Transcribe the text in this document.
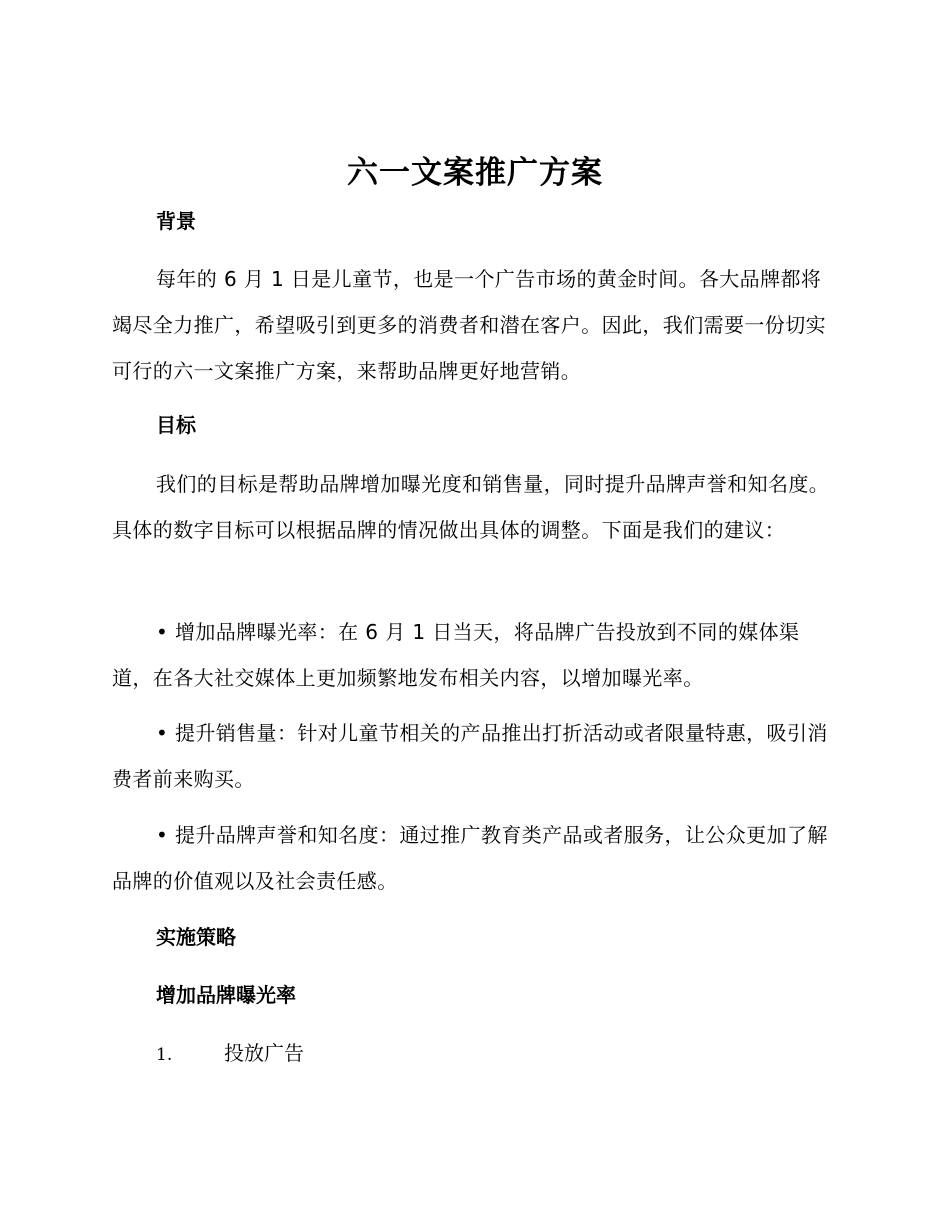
六一文案推广方案
背景

每年的 6 月 1 日是儿童节，也是一个广告市场的黄金时间。各大品牌都将竭尽全力推广，希望吸引到更多的消费者和潜在客户。因此，我们需要一份切实可行的六一文案推广方案，来帮助品牌更好地营销。

目标

我们的目标是帮助品牌增加曝光度和销售量，同时提升品牌声誉和知名度。具体的数字目标可以根据品牌的情况做出具体的调整。下面是我们的建议：

• 增加品牌曝光率：在 6 月 1 日当天，将品牌广告投放到不同的媒体渠道，在各大社交媒体上更加频繁地发布相关内容，以增加曝光率。

• 提升销售量：针对儿童节相关的产品推出打折活动或者限量特惠，吸引消费者前来购买。

• 提升品牌声誉和知名度：通过推广教育类产品或者服务，让公众更加了解品牌的价值观以及社会责任感。

实施策略
增加品牌曝光率
1.	投放广告
